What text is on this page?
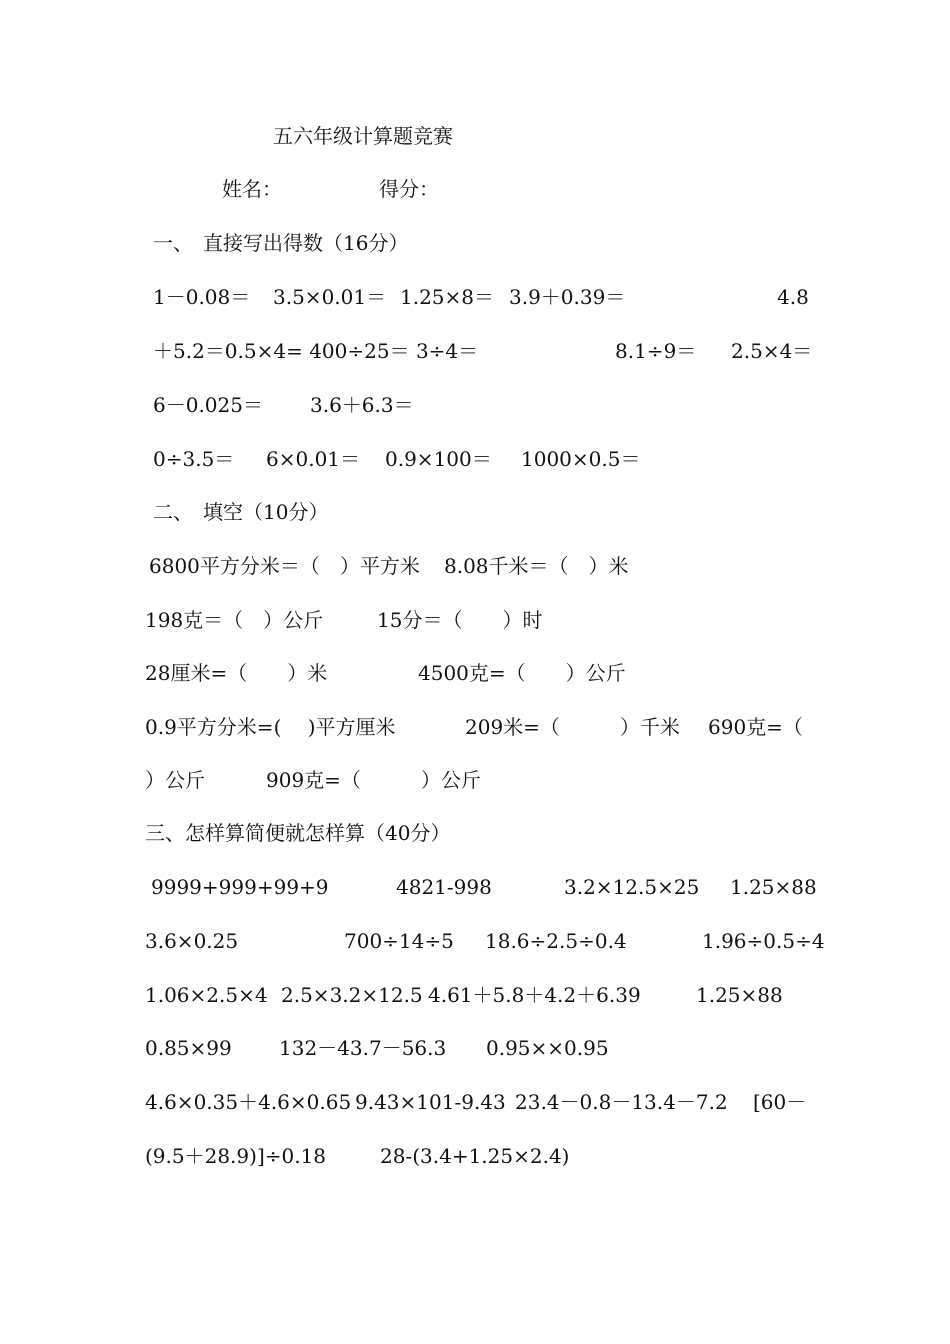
五六年级计算题竞赛
姓名：	得分：
一、　直接写出得数（16分）
1－0.08＝ 3.5×0.01＝ 1.25×8＝ 3.9＋0.39＝	4.8
＋5.2＝0.5×4= 400÷25＝ 3÷4＝	8.1÷9＝ 2.5×4＝
6－0.025＝ 3.6＋6.3＝
0÷3.5＝ 6×0.01＝ 0.9×100＝ 1000×0.5＝
二、　填空（10分）
6800平方分米＝（　）平方米 8.08千米＝（　）米
198克＝（　）公斤	15分＝（　　）时
28厘米=（　　）米	4500克=（　　）公斤
0.9平方分米=(　 )平方厘米	209米=（　　　）千米 690克=（
）公斤	909克=（　　　）公斤
三、怎样算简便就怎样算（40分）
9999+999+99+9	4821-998	3.2×12.5×25 1.25×88
3.6×0.25	700÷14÷5 18.6÷2.5÷0.4	1.96÷0.5÷4
1.06×2.5×4 2.5×3.2×12.5 4.61＋5.8＋4.2＋6.39	1.25×88
0.85×99 132－43.7－56.3 0.95××0.95
4.6×0.35＋4.6×0.65 9.43×101-9.43 23.4－0.8－13.4－7.2 [60－
(9.5＋28.9)]÷0.18	28-(3.4+1.25×2.4)
